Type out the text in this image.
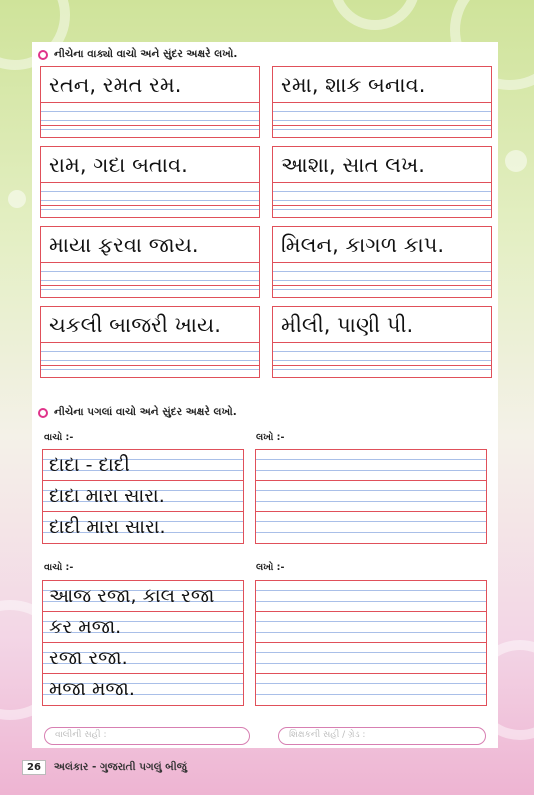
નીચેના વાક્યો વાચો અને સુંદર અક્ષરે લખો.
રતન, રમત રમ.	રમા, શાક બનાવ.
રામ, ગદા બતાવ.	આશા, સાત લખ.
માયા ફરવા જાય.	મિલન, કાગળ કાપ.
ચકલી બાજરી ખાય.	મીલી, પાણી પી.
નીચેના પગલાં વાચો અને સુંદર અક્ષરે લખો.
વાચો :-	લખો :-
દાદા - દાદી
દાદા મારા સારા.
દાદી મારા સારા.
વાચો :-	લખો :-
આજ રજા, કાલ રજા
કર મજા.
રજા રજા.
મજા મજા.
વાલીની સહી :	શિક્ષકની સહી / ગ્રેડ :
26	અલંકાર - ગુજરાતી પગલું બીજું
